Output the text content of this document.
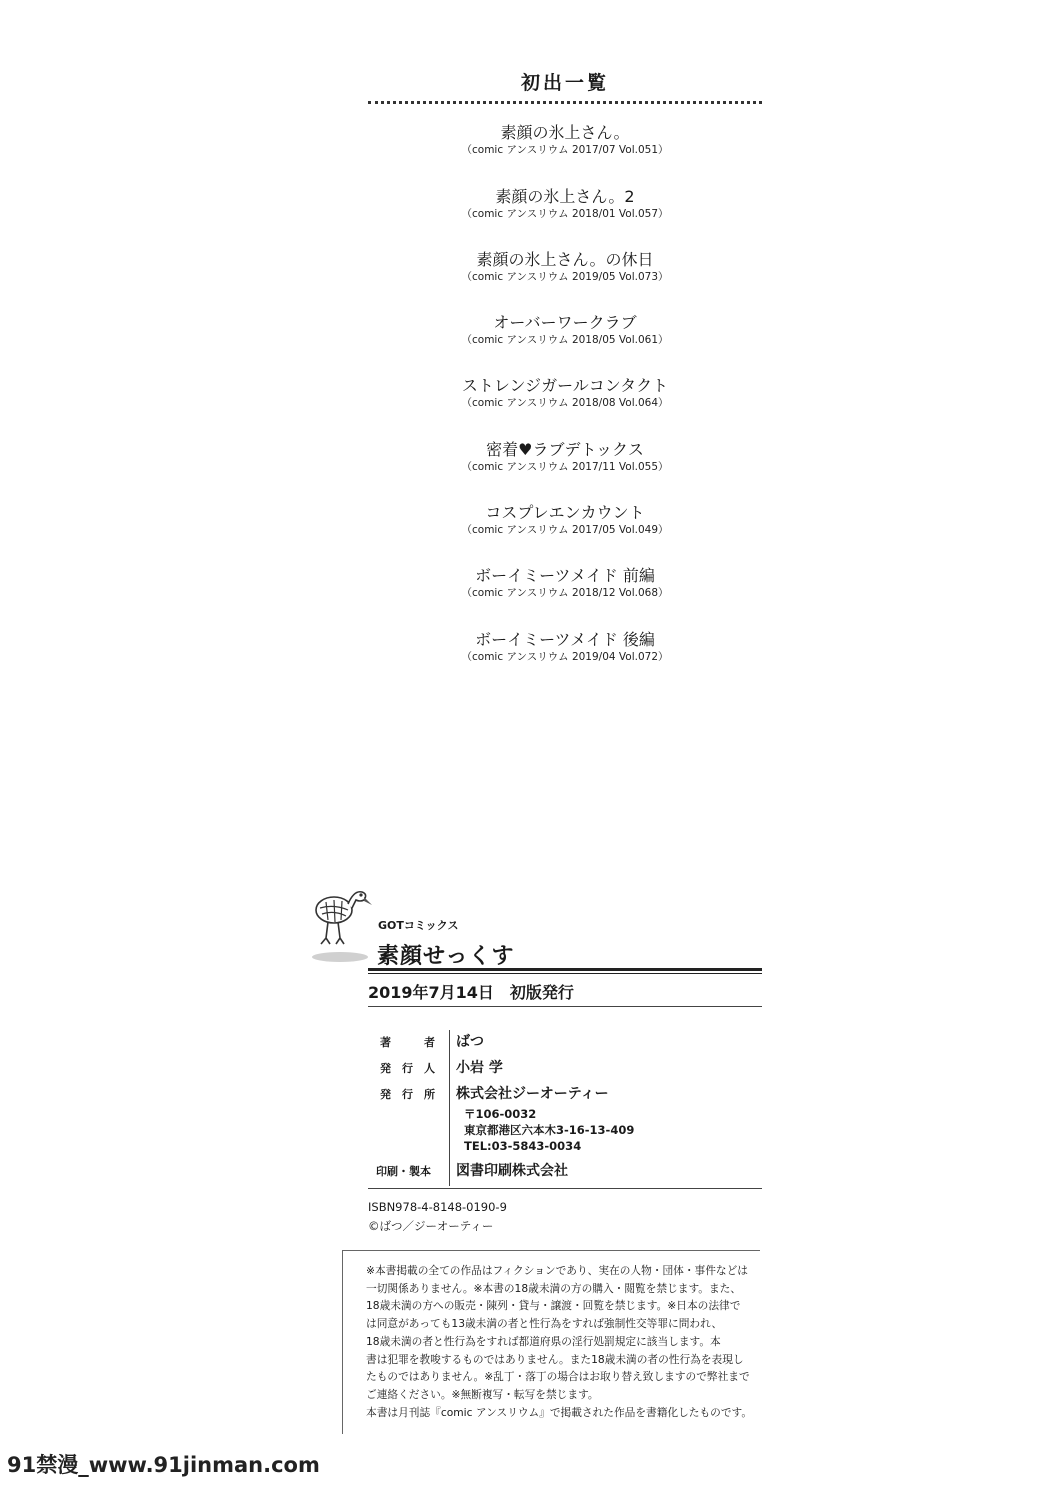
初出一覧
素顔の氷上さん。
（comic アンスリウム 2017/07 Vol.051）
素顔の氷上さん。2
（comic アンスリウム 2018/01 Vol.057）
素顔の氷上さん。の休日
（comic アンスリウム 2019/05 Vol.073）
オーバーワークラブ
（comic アンスリウム 2018/05 Vol.061）
ストレンジガールコンタクト
（comic アンスリウム 2018/08 Vol.064）
密着♥ラブデトックス
（comic アンスリウム 2017/11 Vol.055）
コスプレエンカウント
（comic アンスリウム 2017/05 Vol.049）
ボーイミーツメイド 前編
（comic アンスリウム 2018/12 Vol.068）
ボーイミーツメイド 後編
（comic アンスリウム 2019/04 Vol.072）
GOTコミックス
素顔せっくす
2019年7月14日　初版発行
著者 ばつ
発行人 小岩 学
発行所 株式会社ジーオーティー
〒106-0032
東京都港区六本木3-16-13-409
TEL:03-5843-0034
印刷・製本 図書印刷株式会社
ISBN978-4-8148-0190-9
©ばつ／ジーオーティー
※本書掲載の全ての作品はフィクションであり、実在の人物・団体・事件などは
一切関係ありません。※本書の18歳未満の方の購入・閲覧を禁じます。また、
18歳未満の方への販売・陳列・貸与・譲渡・回覧を禁じます。※日本の法律で
は同意があっても13歳未満の者と性行為をすれば強制性交等罪に問われ、
18歳未満の者と性行為をすれば都道府県の淫行処罰規定に該当します。本
書は犯罪を教唆するものではありません。また18歳未満の者の性行為を表現し
たものではありません。※乱丁・落丁の場合はお取り替え致しますので弊社まで
ご連絡ください。※無断複写・転写を禁じます。
本書は月刊誌『comic アンスリウム』で掲載された作品を書籍化したものです。
91禁漫_www.91jinman.com
